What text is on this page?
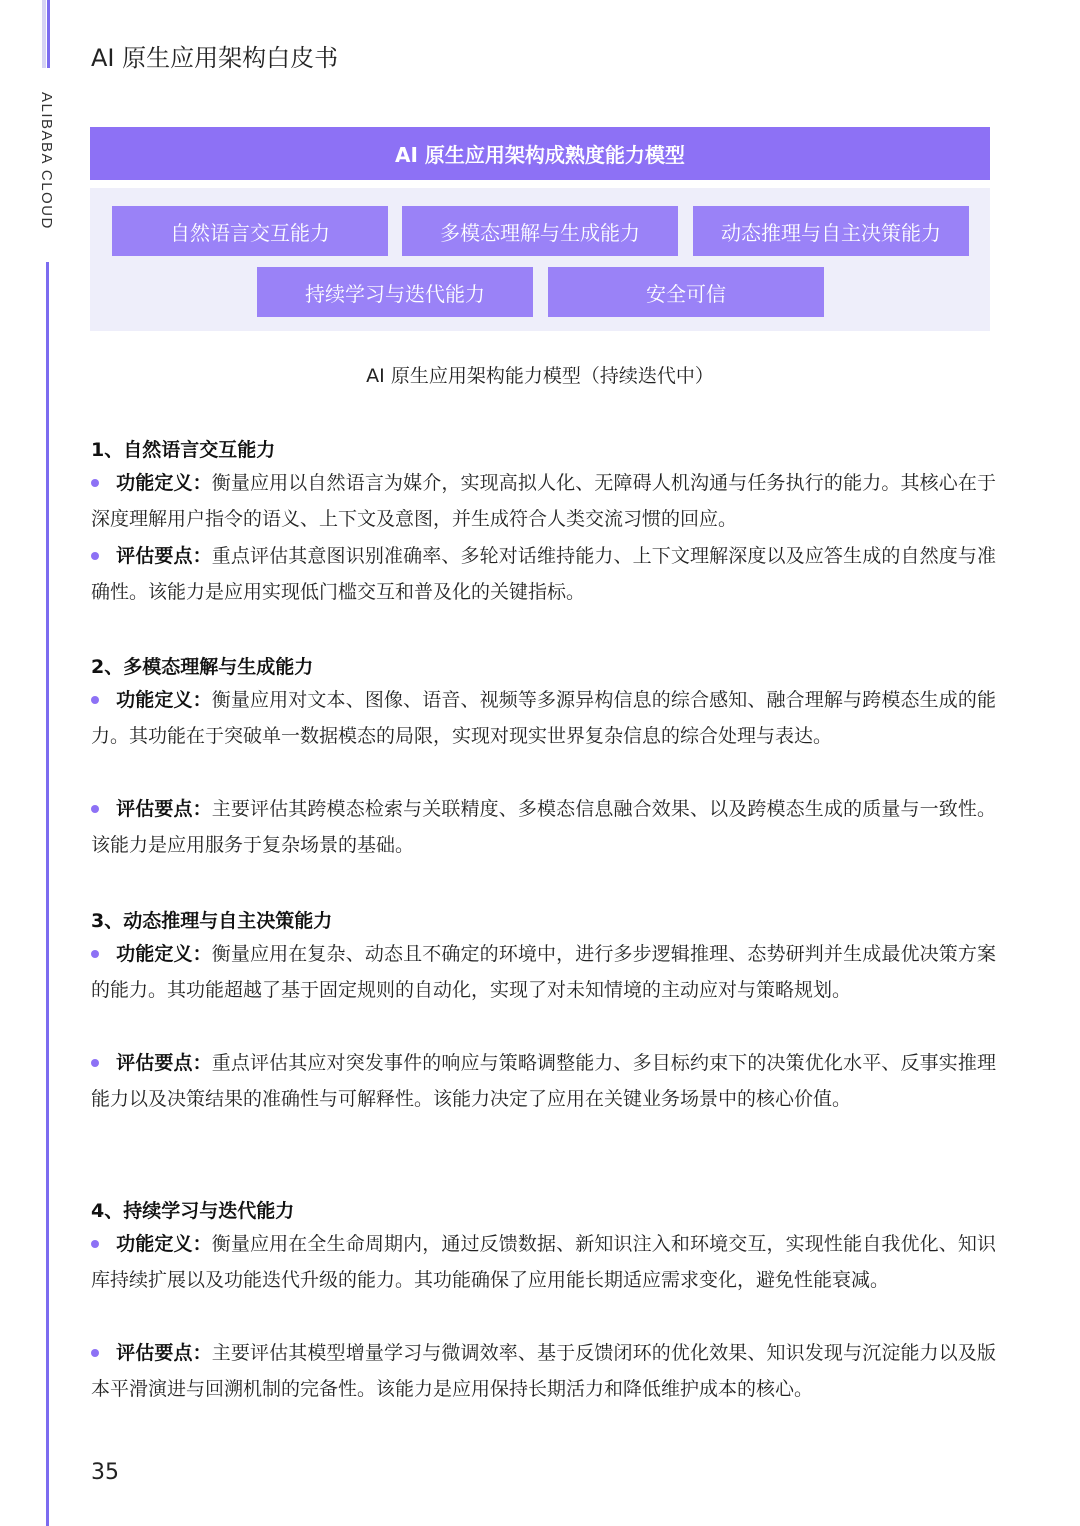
ALIBABA CLOUD
AI 原生应用架构白皮书
AI 原生应用架构成熟度能力模型
自然语言交互能力	多模态理解与生成能力	动态推理与自主决策能力
持续学习与迭代能力	安全可信
AI 原生应用架构能力模型（持续迭代中）
1、自然语言交互能力
功能定义：衡量应用以自然语言为媒介，实现高拟人化、无障碍人机沟通与任务执行的能力。其核心在于深度理解用户指令的语义、上下文及意图，并生成符合人类交流习惯的回应。
评估要点：重点评估其意图识别准确率、多轮对话维持能力、上下文理解深度以及应答生成的自然度与准确性。该能力是应用实现低门槛交互和普及化的关键指标。
2、多模态理解与生成能力
功能定义：衡量应用对文本、图像、语音、视频等多源异构信息的综合感知、融合理解与跨模态生成的能力。其功能在于突破单一数据模态的局限，实现对现实世界复杂信息的综合处理与表达。
评估要点：主要评估其跨模态检索与关联精度、多模态信息融合效果、以及跨模态生成的质量与一致性。该能力是应用服务于复杂场景的基础。
3、动态推理与自主决策能力
功能定义：衡量应用在复杂、动态且不确定的环境中，进行多步逻辑推理、态势研判并生成最优决策方案的能力。其功能超越了基于固定规则的自动化，实现了对未知情境的主动应对与策略规划。
评估要点：重点评估其应对突发事件的响应与策略调整能力、多目标约束下的决策优化水平、反事实推理能力以及决策结果的准确性与可解释性。该能力决定了应用在关键业务场景中的核心价值。
4、持续学习与迭代能力
功能定义：衡量应用在全生命周期内，通过反馈数据、新知识注入和环境交互，实现性能自我优化、知识库持续扩展以及功能迭代升级的能力。其功能确保了应用能长期适应需求变化，避免性能衰减。
评估要点：主要评估其模型增量学习与微调效率、基于反馈闭环的优化效果、知识发现与沉淀能力以及版本平滑演进与回溯机制的完备性。该能力是应用保持长期活力和降低维护成本的核心。
35
